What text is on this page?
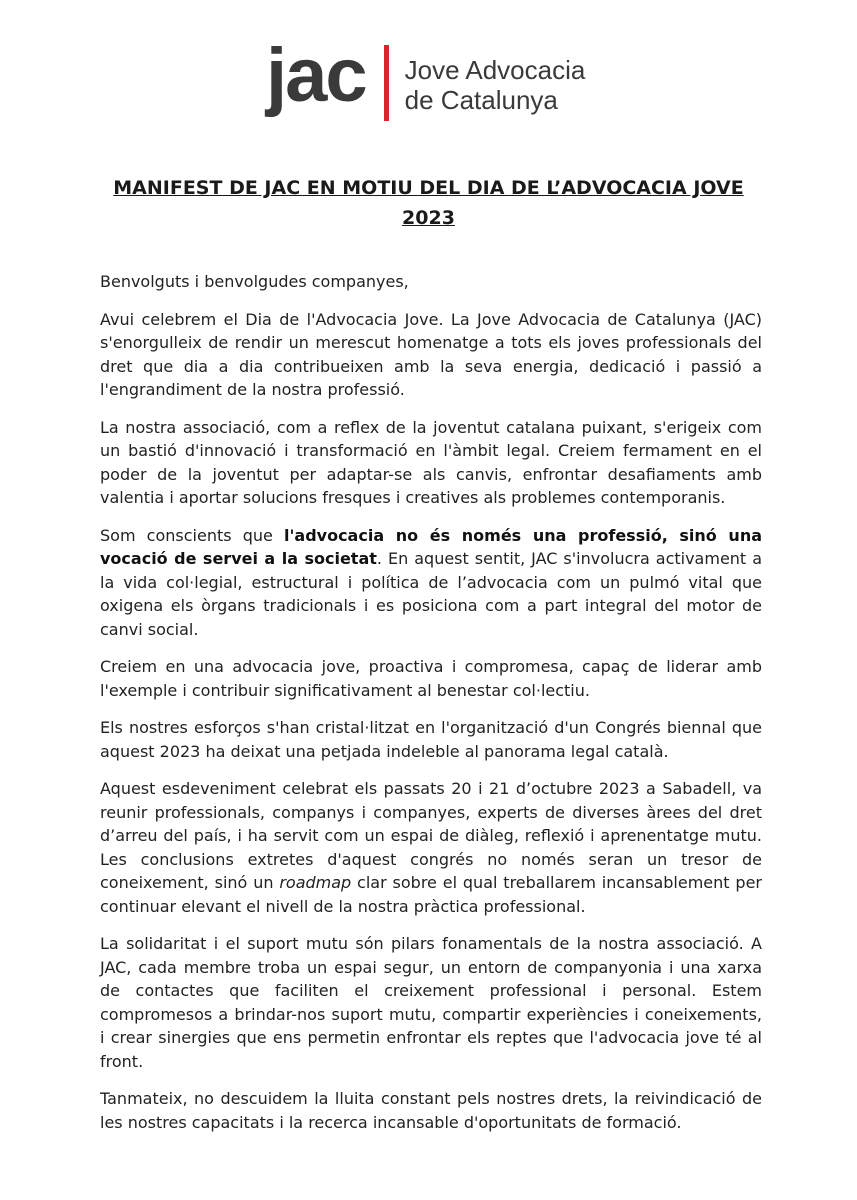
jac Jove Advocacia
de Catalunya
MANIFEST DE JAC EN MOTIU DEL DIA DE L’ADVOCACIA JOVE 2023

Benvolguts i benvolgudes companyes,

Avui celebrem el Dia de l'Advocacia Jove. La Jove Advocacia de Catalunya (JAC) s'enorgulleix de rendir un merescut homenatge a tots els joves professionals del dret que dia a dia contribueixen amb la seva energia, dedicació i passió a l'engrandiment de la nostra professió.

La nostra associació, com a reflex de la joventut catalana puixant, s'erigeix com un bastió d'innovació i transformació en l'àmbit legal. Creiem fermament en el poder de la joventut per adaptar-se als canvis, enfrontar desafiaments amb valentia i aportar solucions fresques i creatives als problemes contemporanis.

Som conscients que l'advocacia no és només una professió, sinó una vocació de servei a la societat. En aquest sentit, JAC s'involucra activament a la vida col·legial, estructural i política de l’advocacia com un pulmó vital que oxigena els òrgans tradicionals i es posiciona com a part integral del motor de canvi social.

Creiem en una advocacia jove, proactiva i compromesa, capaç de liderar amb l'exemple i contribuir significativament al benestar col·lectiu.

Els nostres esforços s'han cristal·litzat en l'organització d'un Congrés biennal que aquest 2023 ha deixat una petjada indeleble al panorama legal català.

Aquest esdeveniment celebrat els passats 20 i 21 d’octubre 2023 a Sabadell, va reunir professionals, companys i companyes, experts de diverses àrees del dret d’arreu del país, i ha servit com un espai de diàleg, reflexió i aprenentatge mutu. Les conclusions extretes d'aquest congrés no només seran un tresor de coneixement, sinó un roadmap clar sobre el qual treballarem incansablement per continuar elevant el nivell de la nostra pràctica professional.

La solidaritat i el suport mutu són pilars fonamentals de la nostra associació. A JAC, cada membre troba un espai segur, un entorn de companyonia i una xarxa de contactes que faciliten el creixement professional i personal. Estem compromesos a brindar-nos suport mutu, compartir experiències i coneixements, i crear sinergies que ens permetin enfrontar els reptes que l'advocacia jove té al front.

Tanmateix, no descuidem la lluita constant pels nostres drets, la reivindicació de les nostres capacitats i la recerca incansable d'oportunitats de formació.
